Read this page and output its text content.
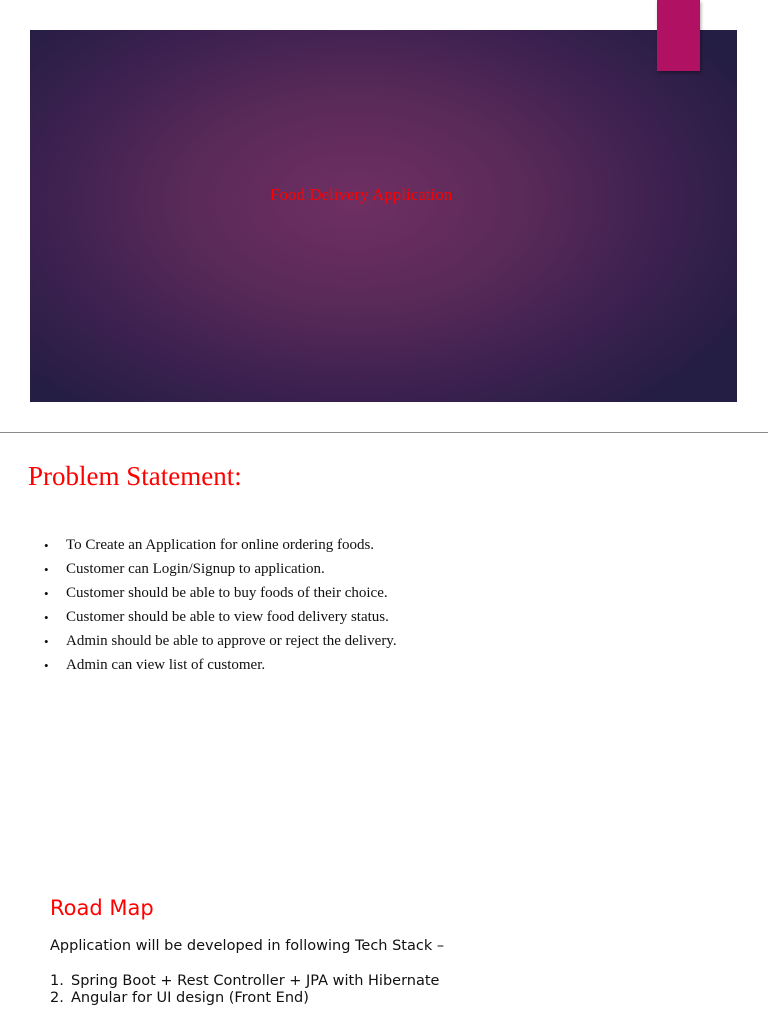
Food Delivery Application
Problem Statement:
• To Create an Application for online ordering foods.
• Customer can Login/Signup to application.
• Customer should be able to buy foods of their choice.
• Customer should be able to view food delivery status.
• Admin should be able to approve or reject the delivery.
• Admin can view list of customer.
Road Map

Application will be developed in following Tech Stack –

1. Spring Boot + Rest Controller + JPA with Hibernate
2. Angular for UI design (Front End)
